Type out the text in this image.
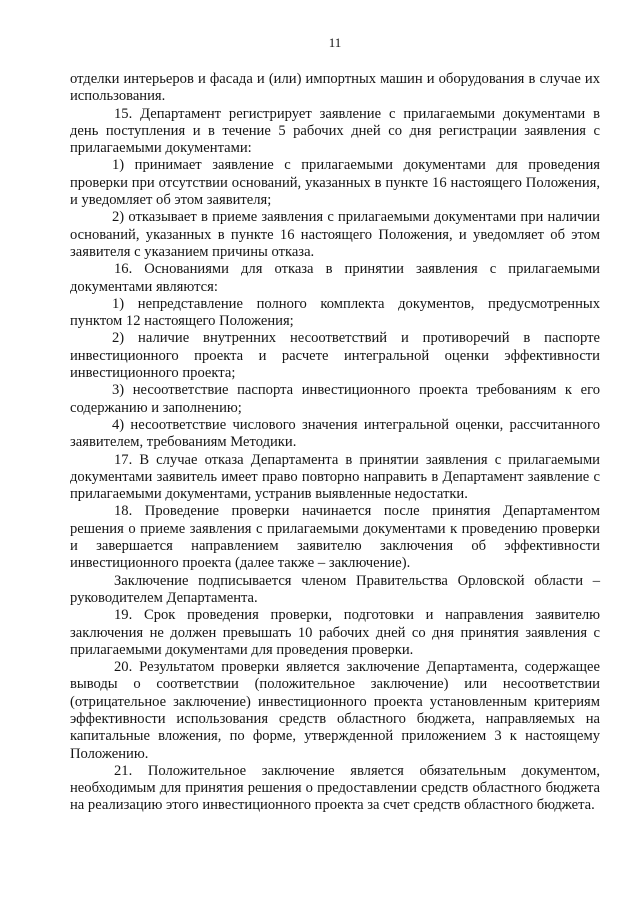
11

отделки интерьеров и фасада и (или) импортных машин и оборудования в случае их использования.

15. Департамент регистрирует заявление с прилагаемыми документами в день поступления и в течение 5 рабочих дней со дня регистрации заявления с прилагаемыми документами:

1) принимает заявление с прилагаемыми документами для проведения проверки при отсутствии оснований, указанных в пункте 16 настоящего Положения, и уведомляет об этом заявителя;

2) отказывает в приеме заявления с прилагаемыми документами при наличии оснований, указанных в пункте 16 настоящего Положения, и уведомляет об этом заявителя с указанием причины отказа.

16. Основаниями для отказа в принятии заявления с прилагаемыми документами являются:

1) непредставление полного комплекта документов, предусмотренных пунктом 12 настоящего Положения;

2) наличие внутренних несоответствий и противоречий в паспорте инвестиционного проекта и расчете интегральной оценки эффективности инвестиционного проекта;

3) несоответствие паспорта инвестиционного проекта требованиям к его содержанию и заполнению;

4) несоответствие числового значения интегральной оценки, рассчитанного заявителем, требованиям Методики.

17. В случае отказа Департамента в принятии заявления с прилагаемыми документами заявитель имеет право повторно направить в Департамент заявление с прилагаемыми документами, устранив выявленные недостатки.

18. Проведение проверки начинается после принятия Департаментом решения о приеме заявления с прилагаемыми документами к проведению проверки и завершается направлением заявителю заключения об эффективности инвестиционного проекта (далее также – заключение).

Заключение подписывается членом Правительства Орловской области – руководителем Департамента.

19. Срок проведения проверки, подготовки и направления заявителю заключения не должен превышать 10 рабочих дней со дня принятия заявления с прилагаемыми документами для проведения проверки.

20. Результатом проверки является заключение Департамента, содержащее выводы о соответствии (положительное заключение) или несоответствии (отрицательное заключение) инвестиционного проекта установленным критериям эффективности использования средств областного бюджета, направляемых на капитальные вложения, по форме, утвержденной приложением 3 к настоящему Положению.

21. Положительное заключение является обязательным документом, необходимым для принятия решения о предоставлении средств областного бюджета на реализацию этого инвестиционного проекта за счет средств областного бюджета.
